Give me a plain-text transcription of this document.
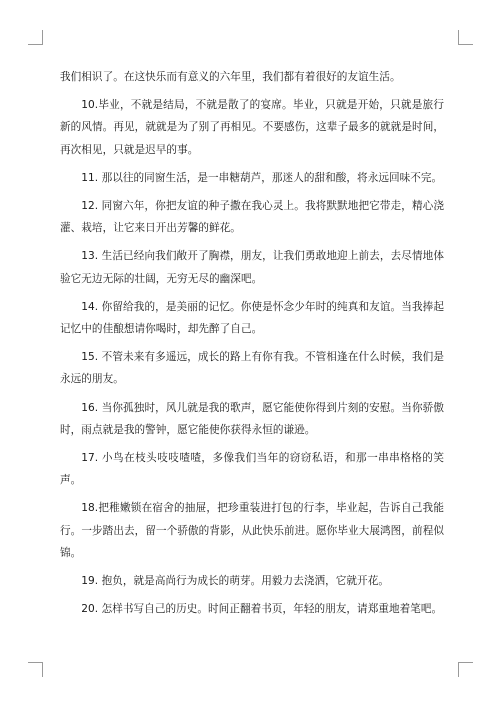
我们相识了。在这快乐而有意义的六年里，我们都有着很好的友谊生活。

10.毕业，不就是结局，不就是散了的宴席。毕业，只就是开始，只就是旅行新的风情。再见，就就是为了别了再相见。不要感伤，这辈子最多的就就是时间，再次相见，只就是迟早的事。

11. 那以往的同窗生活，是一串糖葫芦，那迷人的甜和酸，将永远回味不完。

12. 同窗六年，你把友谊的种子撒在我心灵上。我将默默地把它带走，精心浇灌、栽培，让它来日开出芳馨的鲜花。

13. 生活已经向我们敞开了胸襟，朋友，让我们勇敢地迎上前去，去尽情地体验它无边无际的壮阔，无穷无尽的幽深吧。

14. 你留给我的，是美丽的记忆。你使是怀念少年时的纯真和友谊。当我捧起记忆中的佳酿想请你喝时，却先醉了自己。

15. 不管未来有多遥远，成长的路上有你有我。不管相逢在什么时候，我们是永远的朋友。

16. 当你孤独时，风儿就是我的歌声，愿它能使你得到片刻的安慰。当你骄傲时，雨点就是我的警钟，愿它能使你获得永恒的谦逊。

17. 小鸟在枝头吱吱喳喳，多像我们当年的窃窃私语，和那一串串格格的笑声。

18.把稚嫩锁在宿舍的抽屉，把珍重装进打包的行李，毕业起，告诉自己我能行。一步踏出去，留一个骄傲的背影，从此快乐前进。愿你毕业大展鸿图，前程似锦。

19. 抱负，就是高尚行为成长的萌芽。用毅力去浇洒，它就开花。

20. 怎样书写自己的历史。时间正翻着书页，年轻的朋友，请郑重地着笔吧。
